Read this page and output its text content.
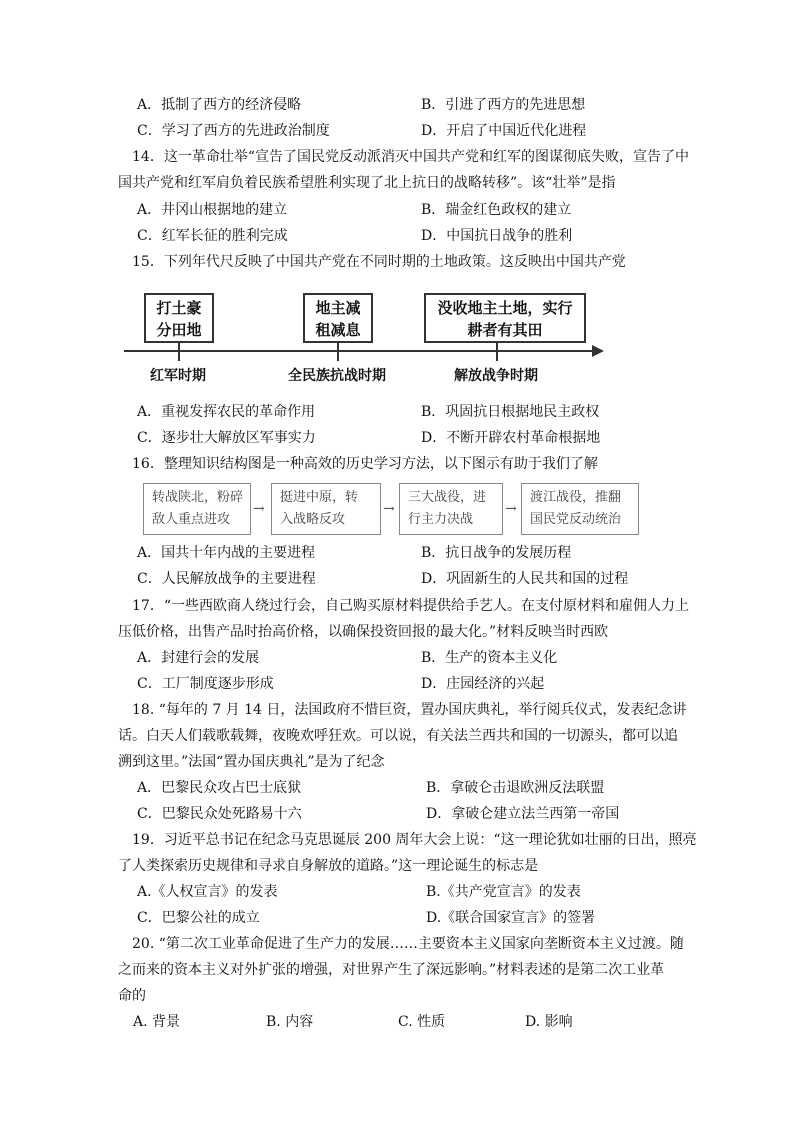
A．抵制了西方的经济侵略	B．引进了西方的先进思想
C．学习了西方的先进政治制度	D．开启了中国近代化进程
14．这一革命壮举“宣告了国民党反动派消灭中国共产党和红军的图谋彻底失败，宣告了中
国共产党和红军肩负着民族希望胜利实现了北上抗日的战略转移”。该“壮举”是指
A．井冈山根据地的建立	B．瑞金红色政权的建立
C．红军长征的胜利完成	D．中国抗日战争的胜利
15．下列年代尺反映了中国共产党在不同时期的土地政策。这反映出中国共产党
打土豪
分田地
地主减
租减息
没收地主土地，实行
耕者有其田
红军时期	全民族抗战时期	解放战争时期
A．重视发挥农民的革命作用	B．巩固抗日根据地民主政权
C．逐步壮大解放区军事实力	D．不断开辟农村革命根据地
16．整理知识结构图是一种高效的历史学习方法，以下图示有助于我们了解
转战陕北，粉碎
敌人重点进攻
→
挺进中原，转
入战略反攻
→
三大战役，进
行主力决战
→
渡江战役，推翻
国民党反动统治
A．国共十年内战的主要进程	B．抗日战争的发展历程
C．人民解放战争的主要进程	D．巩固新生的人民共和国的过程
17．“一些西欧商人绕过行会，自己购买原材料提供给手艺人。在支付原材料和雇佣人力上
压低价格，出售产品时抬高价格，以确保投资回报的最大化。”材料反映当时西欧
A．封建行会的发展	B．生产的资本主义化
C．工厂制度逐步形成	D．庄园经济的兴起
18. “每年的 7 月 14 日，法国政府不惜巨资，置办国庆典礼，举行阅兵仪式，发表纪念讲
话。白天人们载歌载舞，夜晚欢呼狂欢。可以说，有关法兰西共和国的一切源头，都可以追
溯到这里。”法国“置办国庆典礼”是为了纪念
A．巴黎民众攻占巴士底狱	B．拿破仑击退欧洲反法联盟
C．巴黎民众处死路易十六	D．拿破仑建立法兰西第一帝国
19．习近平总书记在纪念马克思诞辰 200 周年大会上说：“这一理论犹如壮丽的日出，照亮
了人类探索历史规律和寻求自身解放的道路。”这一理论诞生的标志是
A.《人权宣言》的发表	B.《共产党宣言》的发表
C．巴黎公社的成立	D.《联合国家宣言》的签署
20. “第二次工业革命促进了生产力的发展……主要资本主义国家向垄断资本主义过渡。随
之而来的资本主义对外扩张的增强，对世界产生了深远影响。”材料表述的是第二次工业革
命的
A. 背景	B. 内容	C. 性质	D. 影响
